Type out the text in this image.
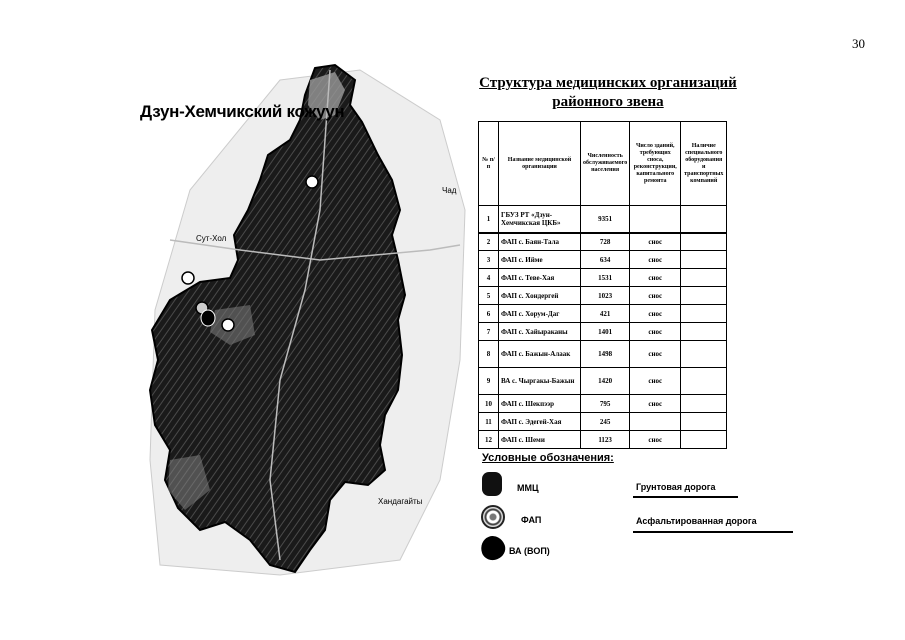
30
Дзун-Хемчикский кожуун
Чад
Сут-Хол
Хандагайты
Структура медицинских организаций
районного звена
№ п/п	Название медицинской организации	Численность обслуживаемого населения	Число зданий, требующих сноса, реконструкции, капитального ремонта	Наличие специального оборудования и транспортных компаний
1	ГБУЗ РТ «Дзун-Хемчикская ЦКБ»	9351		
2	ФАП с. Баян-Тала	728	снос	
3	ФАП с. Ийме	634	снос	
4	ФАП с. Теве-Хая	1531	снос	
5	ФАП с. Хондергей	1023	снос	
6	ФАП с. Хорум-Даг	421	снос	
7	ФАП с. Хайыраканы	1401	снос	
8	ФАП с. Бажын-Алаак	1498	снос	
9	ВА с. Чыргакы-Бажын	1420	снос	
10	ФАП с. Шекпээр	795	снос	
11	ФАП с. Эдегей-Хая	245		
12	ФАП с. Шеми	1123	снос	
Условные обозначения:
ММЦ
ФАП
ВА (ВОП)
Грунтовая дорога
Асфальтированная дорога
